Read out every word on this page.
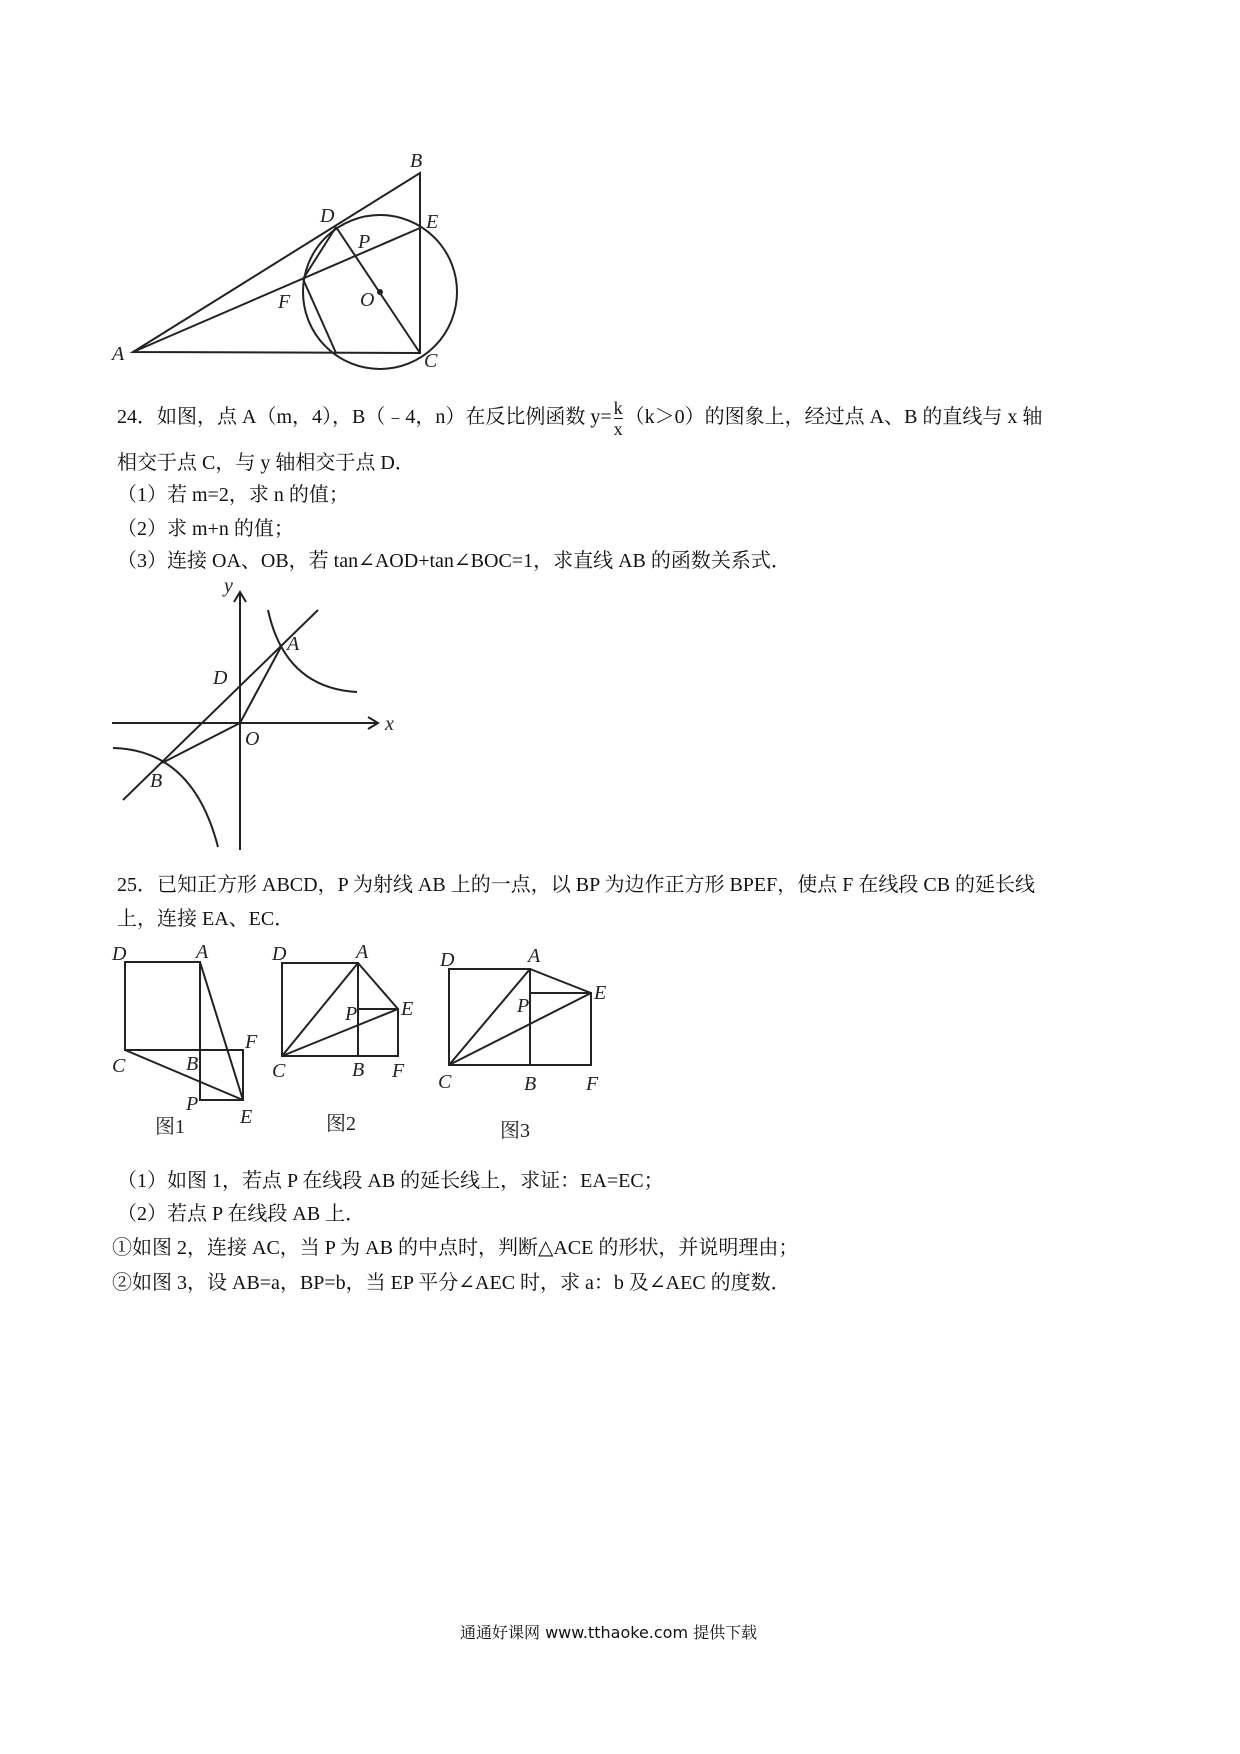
A
B
C
D	E
F
P
O
24．如图，点 A（m，4），B（﹣4，n）在反比例函数 $y= \frac{k}{x} (k>0)$的图象上，经过点 A、B 的直线与 x 轴
相交于点 C，与 y 轴相交于点 D．
（1）若 m=2，求 n 的值；
（2）求 m+n 的值；
（3）连接 OA、OB，若 tan∠AOD+tan∠BOC=1，求直线 AB 的函数关系式．
y
x
A
B
D
O
25．已知正方形 ABCD，P 为射线 AB 上的一点，以 BP 为边作正方形 BPEF，使点 F 在线段 CB 的延长线
上，连接 EA、EC．
D	A
C	B
F
P
E
图1
D	A
C	B F
P E
图2
D	A
C	B F
P
E
图3
（1）如图 1，若点 P 在线段 AB 的延长线上，求证：EA=EC；
（2）若点 P 在线段 AB 上．
①如图 2，连接 AC，当 P 为 AB 的中点时，判断△ACE 的形状，并说明理由；
②如图 3，设 AB=a，BP=b，当 EP 平分∠AEC 时，求 a：b 及∠AEC 的度数．
通通好课网 www.tthaoke.com 提供下载
